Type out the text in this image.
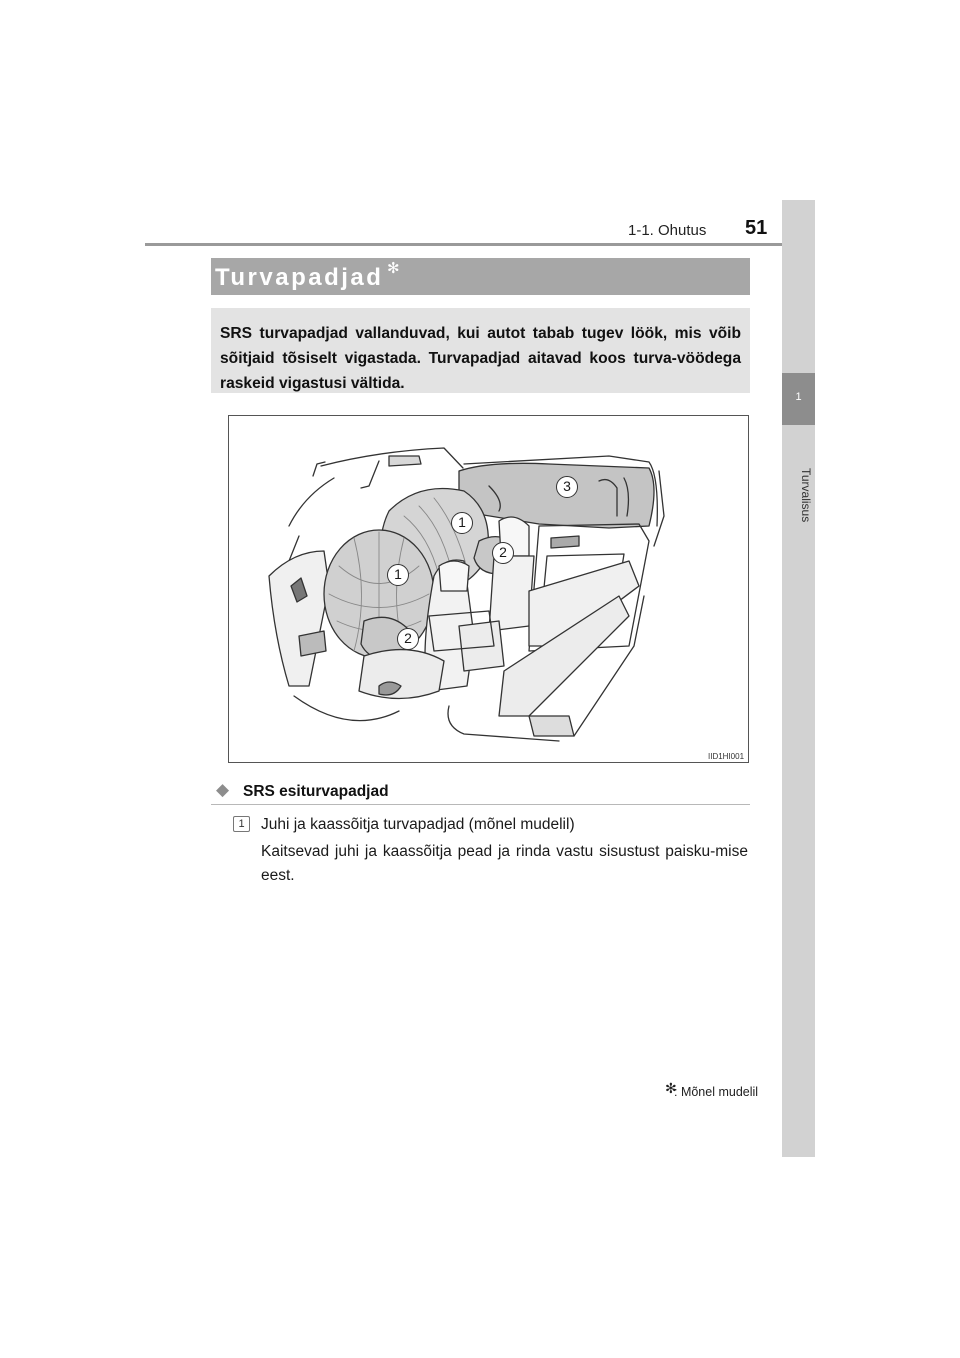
1-1. Ohutus 51
1
Turvalisus
Turvapadjad ✻
SRS turvapadjad vallanduvad, kui autot tabab tugev löök, mis võib sõitjaid tõsiselt vigastada. Turvapadjad aitavad koos turva-vöödega raskeid vigastusi vältida.
1
1
2
2
3
IID1HI001
◆ SRS esiturvapadjad
1	Juhi ja kaassõitja turvapadjad (mõnel mudelil)
Kaitsevad juhi ja kaassõitja pead ja rinda vastu sisustust paisku-mise eest.
✻
: Mõnel mudelil
